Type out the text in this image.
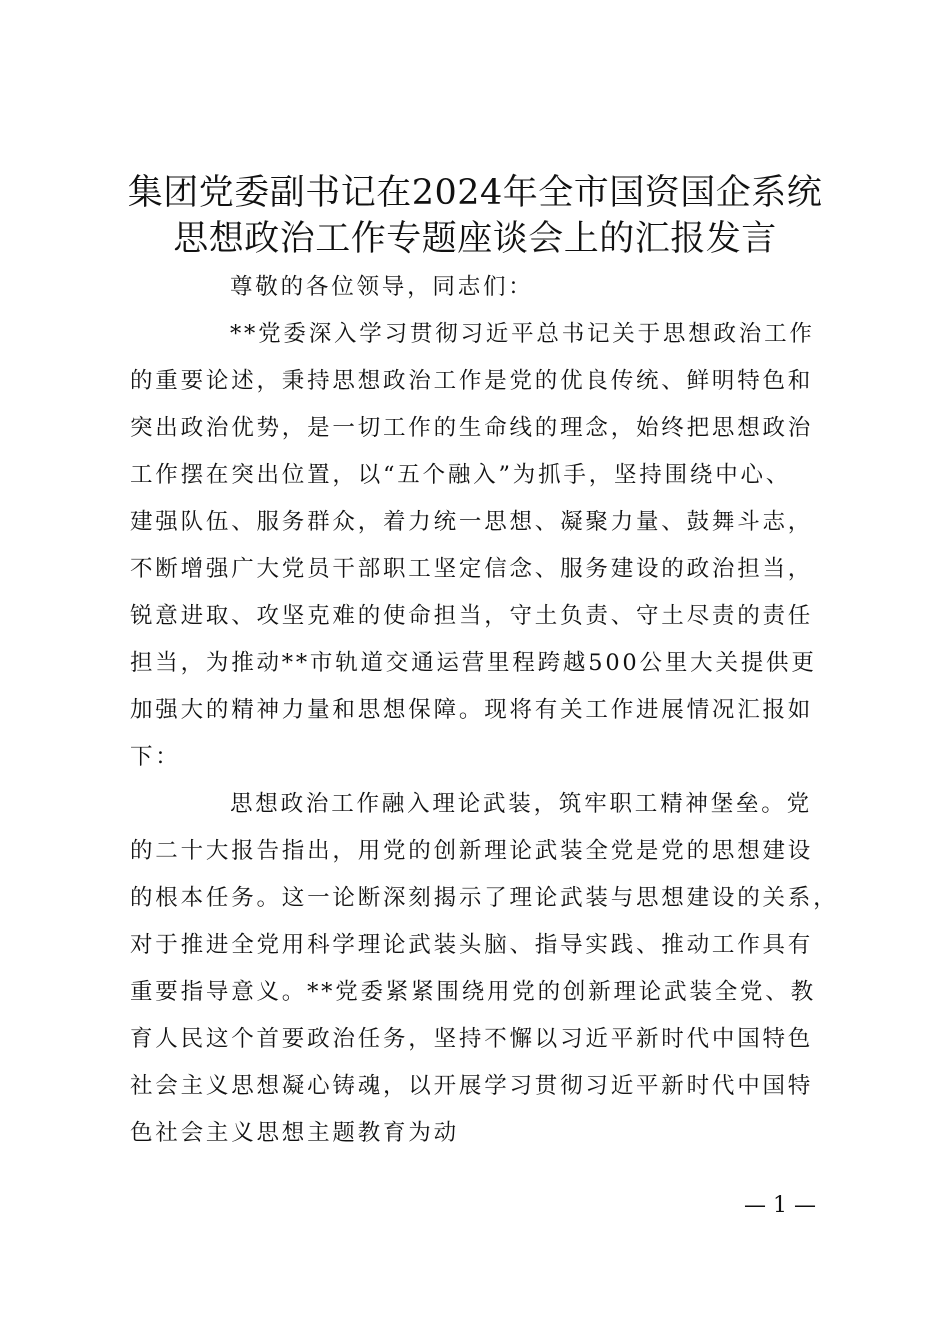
集团党委副书记在2024年全市国资国企系统
思想政治工作专题座谈会上的汇报发言
尊敬的各位领导，同志们：
**党委深入学习贯彻习近平总书记关于思想政治工作
的重要论述，秉持思想政治工作是党的优良传统、鲜明特色和
突出政治优势，是一切工作的生命线的理念，始终把思想政治
工作摆在突出位置，以“五个融入”为抓手，坚持围绕中心、
建强队伍、服务群众，着力统一思想、凝聚力量、鼓舞斗志，
不断增强广大党员干部职工坚定信念、服务建设的政治担当，
锐意进取、攻坚克难的使命担当，守土负责、守土尽责的责任
担当，为推动**市轨道交通运营里程跨越500公里大关提供更
加强大的精神力量和思想保障。现将有关工作进展情况汇报如
下：
思想政治工作融入理论武装，筑牢职工精神堡垒。党
的二十大报告指出，用党的创新理论武装全党是党的思想建设
的根本任务。这一论断深刻揭示了理论武装与思想建设的关系，
对于推进全党用科学理论武装头脑、指导实践、推动工作具有
重要指导意义。**党委紧紧围绕用党的创新理论武装全党、教
育人民这个首要政治任务，坚持不懈以习近平新时代中国特色
社会主义思想凝心铸魂，以开展学习贯彻习近平新时代中国特
色社会主义思想主题教育为动
— 1 —
